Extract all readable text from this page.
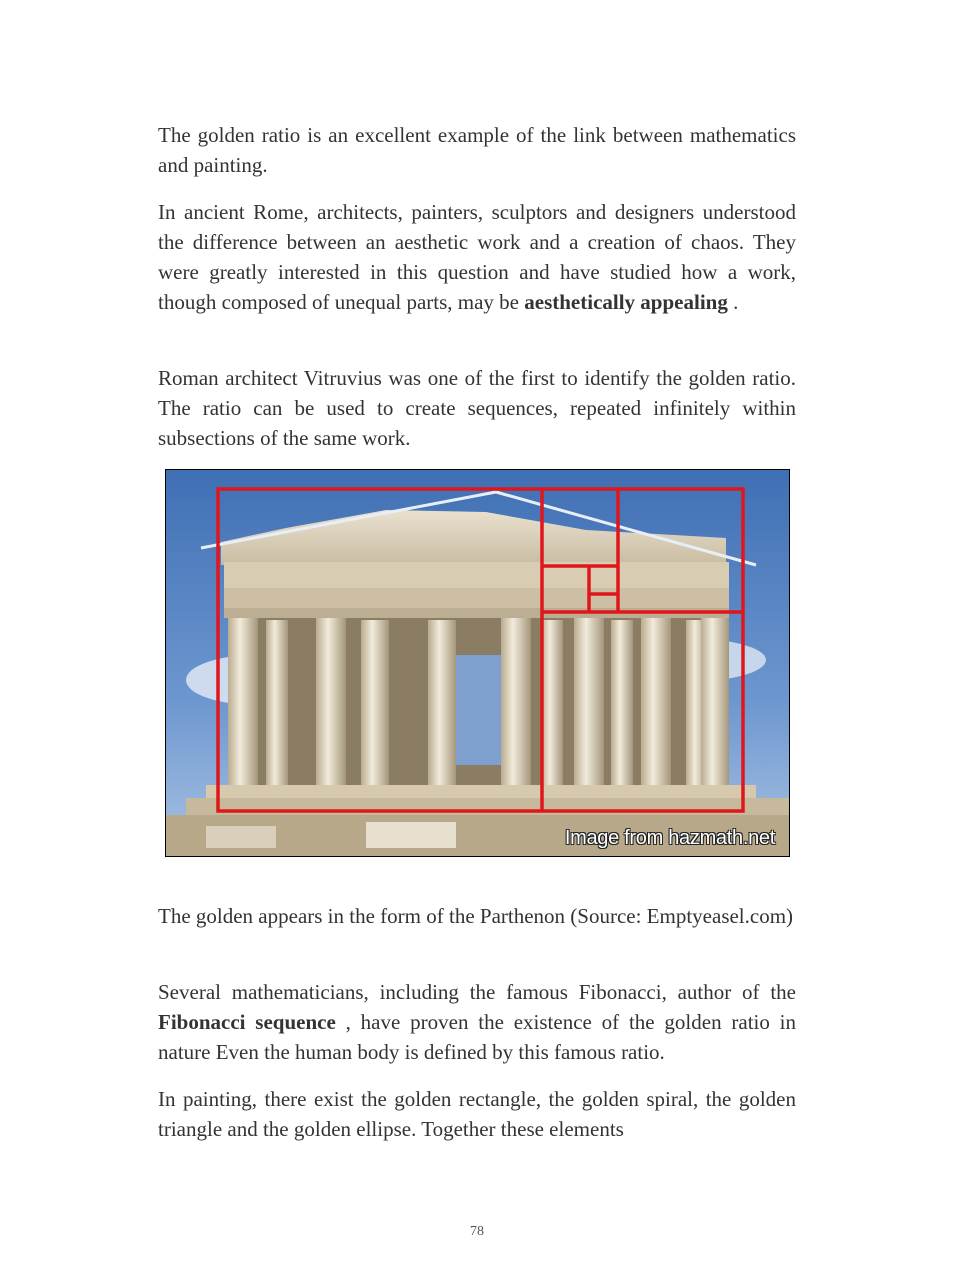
The golden ratio is an excellent example of the link between mathematics and painting.

In ancient Rome, architects, painters, sculptors and designers understood the difference between an aesthetic work and a creation of chaos. They were greatly interested in this question and have studied how a work, though composed of unequal parts, may be aesthetically appealing .

Roman architect Vitruvius was one of the first to identify the golden ratio. The ratio can be used to create sequences, repeated infinitely within subsections of the same work.

Image from hazmath.net

The golden appears in the form of the Parthenon (Source: Emptyeasel.com)

Several mathematicians, including the famous Fibonacci, author of the Fibonacci sequence , have proven the existence of the golden ratio in nature Even the human body is defined by this famous ratio.

In painting, there exist the golden rectangle, the golden spiral, the golden triangle and the golden ellipse. Together these elements

78
